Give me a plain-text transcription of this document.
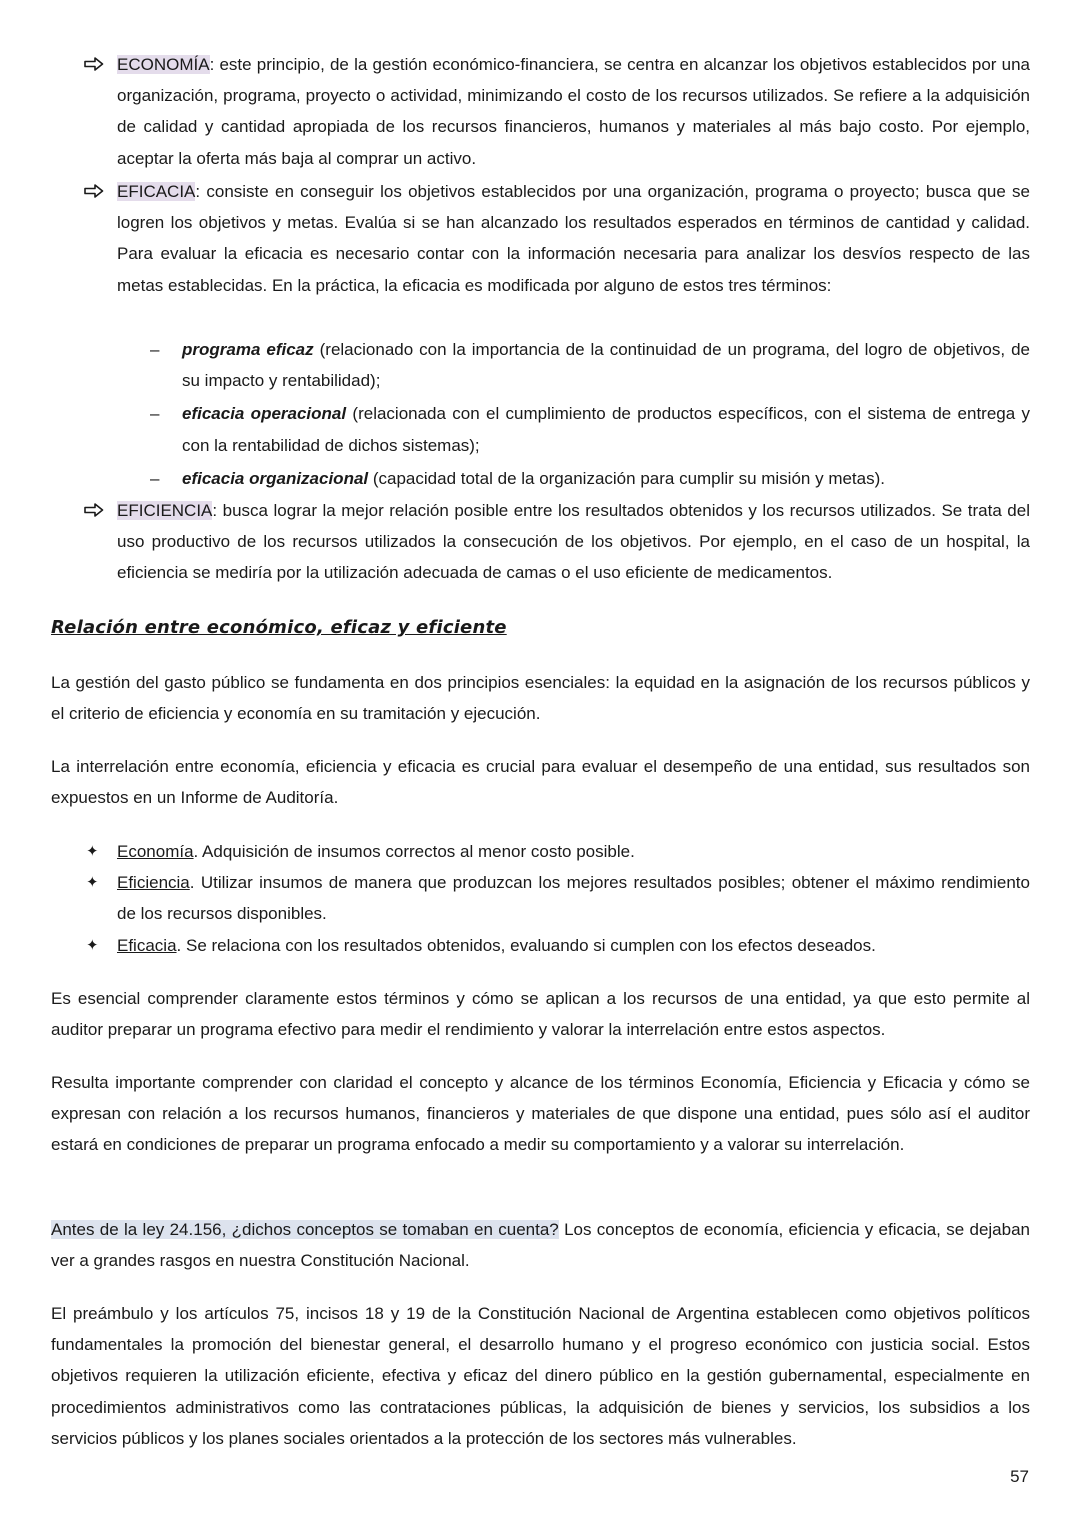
ECONOMÍA: este principio, de la gestión económico-financiera, se centra en alcanzar los objetivos establecidos por una organización, programa, proyecto o actividad, minimizando el costo de los recursos utilizados. Se refiere a la adquisición de calidad y cantidad apropiada de los recursos financieros, humanos y materiales al más bajo costo. Por ejemplo, aceptar la oferta más baja al comprar un activo.
EFICACIA: consiste en conseguir los objetivos establecidos por una organización, programa o proyecto; busca que se logren los objetivos y metas. Evalúa si se han alcanzado los resultados esperados en términos de cantidad y calidad. Para evaluar la eficacia es necesario contar con la información necesaria para analizar los desvíos respecto de las metas establecidas. En la práctica, la eficacia es modificada por alguno de estos tres términos:
– programa eficaz (relacionado con la importancia de la continuidad de un programa, del logro de objetivos, de su impacto y rentabilidad);
– eficacia operacional (relacionada con el cumplimiento de productos específicos, con el sistema de entrega y con la rentabilidad de dichos sistemas);
– eficacia organizacional (capacidad total de la organización para cumplir su misión y metas).
EFICIENCIA: busca lograr la mejor relación posible entre los resultados obtenidos y los recursos utilizados. Se trata del uso productivo de los recursos utilizados la consecución de los objetivos. Por ejemplo, en el caso de un hospital, la eficiencia se mediría por la utilización adecuada de camas o el uso eficiente de medicamentos.
Relación entre económico, eficaz y eficiente
La gestión del gasto público se fundamenta en dos principios esenciales: la equidad en la asignación de los recursos públicos y el criterio de eficiencia y economía en su tramitación y ejecución.
La interrelación entre economía, eficiencia y eficacia es crucial para evaluar el desempeño de una entidad, sus resultados son expuestos en un Informe de Auditoría.
✦ Economía. Adquisición de insumos correctos al menor costo posible.
✦ Eficiencia. Utilizar insumos de manera que produzcan los mejores resultados posibles; obtener el máximo rendimiento de los recursos disponibles.
✦ Eficacia. Se relaciona con los resultados obtenidos, evaluando si cumplen con los efectos deseados.
Es esencial comprender claramente estos términos y cómo se aplican a los recursos de una entidad, ya que esto permite al auditor preparar un programa efectivo para medir el rendimiento y valorar la interrelación entre estos aspectos.
Resulta importante comprender con claridad el concepto y alcance de los términos Economía, Eficiencia y Eficacia y cómo se expresan con relación a los recursos humanos, financieros y materiales de que dispone una entidad, pues sólo así el auditor estará en condiciones de preparar un programa enfocado a medir su comportamiento y a valorar su interrelación.
Antes de la ley 24.156, ¿dichos conceptos se tomaban en cuenta? Los conceptos de economía, eficiencia y eficacia, se dejaban ver a grandes rasgos en nuestra Constitución Nacional.
El preámbulo y los artículos 75, incisos 18 y 19 de la Constitución Nacional de Argentina establecen como objetivos políticos fundamentales la promoción del bienestar general, el desarrollo humano y el progreso económico con justicia social. Estos objetivos requieren la utilización eficiente, efectiva y eficaz del dinero público en la gestión gubernamental, especialmente en procedimientos administrativos como las contrataciones públicas, la adquisición de bienes y servicios, los subsidios a los servicios públicos y los planes sociales orientados a la protección de los sectores más vulnerables.
57
